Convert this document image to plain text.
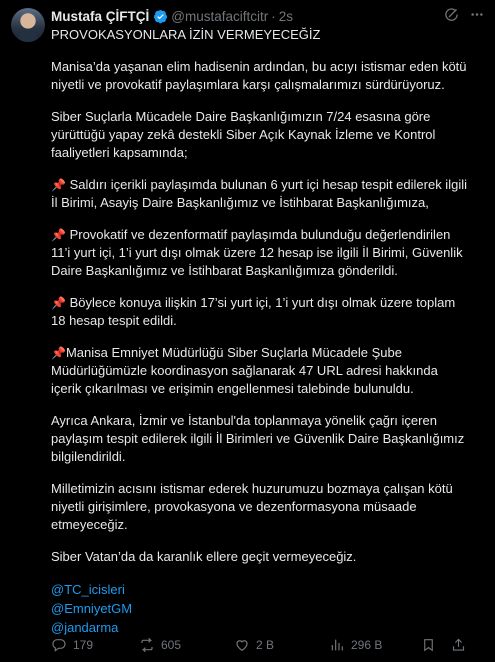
Mustafa ÇİFTÇİ @mustafaciftcitr · 2s

PROVOKASYONLARA İZİN VERMEYECEĞİZ

Manisa’da yaşanan elim hadisenin ardından, bu acıyı istismar eden kötü niyetli ve provokatif paylaşımlara karşı çalışmalarımızı sürdürüyoruz.

Siber Suçlarla Mücadele Daire Başkanlığımızın 7/24 esasına göre yürüttüğü yapay zekâ destekli Siber Açık Kaynak İzleme ve Kontrol faaliyetleri kapsamında;

📌 Saldırı içerikli paylaşımda bulunan 6 yurt içi hesap tespit edilerek ilgili İl Birimi, Asayiş Daire Başkanlığımız ve İstihbarat Başkanlığımıza,

📌 Provokatif ve dezenformatif paylaşımda bulunduğu değerlendirilen 11’i yurt içi, 1’i yurt dışı olmak üzere 12 hesap ise ilgili İl Birimi, Güvenlik Daire Başkanlığımız ve İstihbarat Başkanlığımıza gönderildi.

📌 Böylece konuya ilişkin 17’si yurt içi, 1’i yurt dışı olmak üzere toplam 18 hesap tespit edildi.

📌Manisa Emniyet Müdürlüğü Siber Suçlarla Mücadele Şube Müdürlüğümüzle koordinasyon sağlanarak 47 URL adresi hakkında içerik çıkarılması ve erişimin engellenmesi talebinde bulunuldu.

Ayrıca Ankara, İzmir ve İstanbul'da toplanmaya yönelik çağrı içeren paylaşım tespit edilerek ilgili İl Birimleri ve Güvenlik Daire Başkanlığımız bilgilendirildi.

Milletimizin acısını istismar ederek huzurumuzu bozmaya çalışan kötü niyetli girişimlere, provokasyona ve dezenformasyona müsaade etmeyeceğiz.

Siber Vatan’da da karanlık ellere geçit vermeyeceğiz.

@TC_icisleri
@EmniyetGM
@jandarma
179	605	2 B	296 B
